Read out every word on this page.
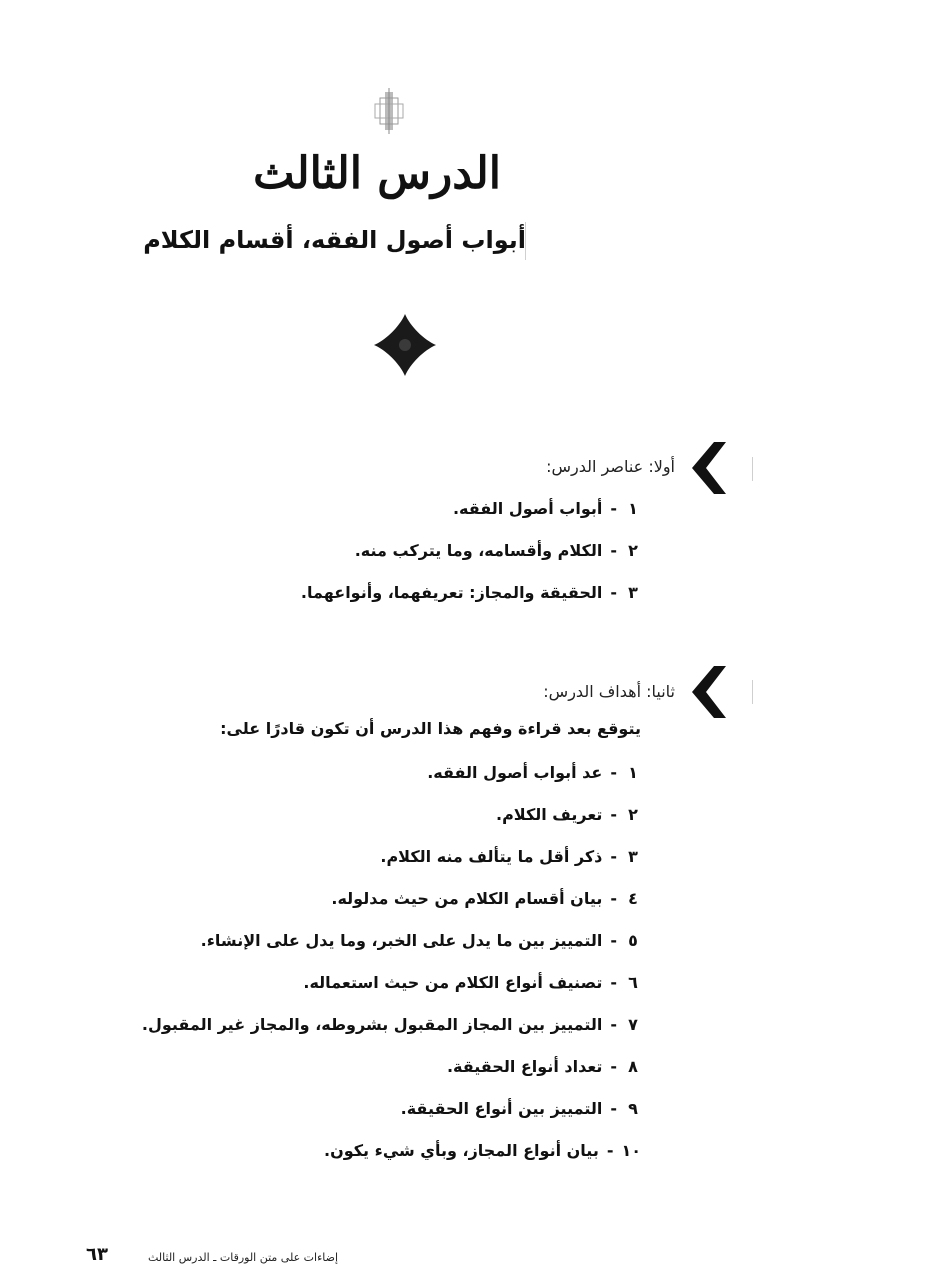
الدرس الثالث
أبواب أصول الفقه، أقسام الكلام
أولا: عناصر الدرس:
١-أبواب أصول الفقه.
٢-الكلام وأقسامه، وما يتركب منه.
٣-الحقيقة والمجاز: تعريفهما، وأنواعهما.
ثانيا: أهداف الدرس:
يتوقع بعد قراءة وفهم هذا الدرس أن تكون قادرًا على:
١-عد أبواب أصول الفقه.
٢-تعريف الكلام.
٣-ذكر أقل ما يتألف منه الكلام.
٤-بيان أقسام الكلام من حيث مدلوله.
٥-التمييز بين ما يدل على الخبر، وما يدل على الإنشاء.
٦-تصنيف أنواع الكلام من حيث استعماله.
٧-التمييز بين المجاز المقبول بشروطه، والمجاز غير المقبول.
٨-تعداد أنواع الحقيقة.
٩-التمييز بين أنواع الحقيقة.
١٠-بيان أنواع المجاز، وبأي شيء يكون.
٦٣	إضاءات على متن الورقات ـ الدرس الثالث
